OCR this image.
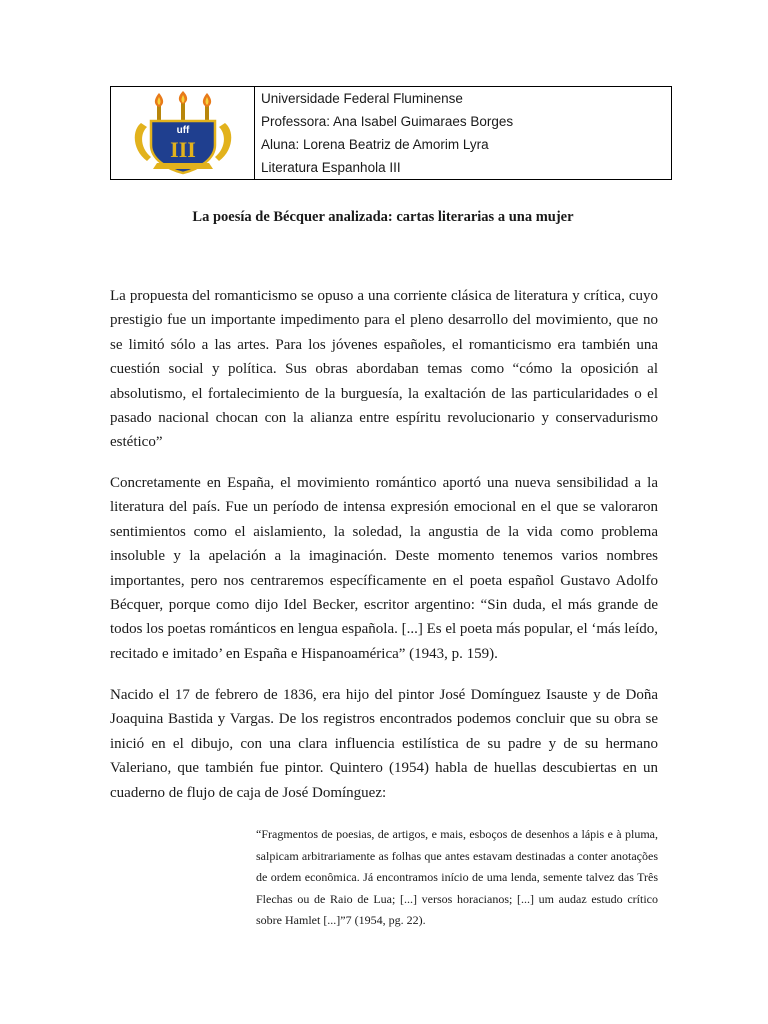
uff
III
Universidade Federal Fluminense
Professora: Ana Isabel Guimaraes Borges
Aluna: Lorena Beatriz de Amorim Lyra
Literatura Espanhola III
La poesía de Bécquer analizada: cartas literarias a una mujer

La propuesta del romanticismo se opuso a una corriente clásica de literatura y crítica, cuyo prestigio fue un importante impedimento para el pleno desarrollo del movimiento, que no se limitó sólo a las artes. Para los jóvenes españoles, el romanticismo era también una cuestión social y política. Sus obras abordaban temas como “cómo la oposición al absolutismo, el fortalecimiento de la burguesía, la exaltación de las particularidades o el pasado nacional chocan con la alianza entre espíritu revolucionario y conservadurismo estético”

Concretamente en España, el movimiento romántico aportó una nueva sensibilidad a la literatura del país. Fue un período de intensa expresión emocional en el que se valoraron sentimientos como el aislamiento, la soledad, la angustia de la vida como problema insoluble y la apelación a la imaginación. Deste momento tenemos varios nombres importantes, pero nos centraremos específicamente en el poeta español Gustavo Adolfo Bécquer, porque como dijo Idel Becker, escritor argentino: “Sin duda, el más grande de todos los poetas románticos en lengua española. [...] Es el poeta más popular, el ‘más leído, recitado e imitado’ en España e Hispanoamérica” (1943, p. 159).

Nacido el 17 de febrero de 1836, era hijo del pintor José Domínguez Isauste y de Doña Joaquina Bastida y Vargas. De los registros encontrados podemos concluir que su obra se inició en el dibujo, con una clara influencia estilística de su padre y de su hermano Valeriano, que también fue pintor. Quintero (1954) habla de huellas descubiertas en un cuaderno de flujo de caja de José Domínguez:

“Fragmentos de poesias, de artigos, e mais, esboços de desenhos a lápis e à pluma, salpicam arbitrariamente as folhas que antes estavam destinadas a conter anotações de ordem econômica. Já encontramos início de uma lenda, semente talvez das Três Flechas ou de Raio de Lua; [...] versos horacianos; [...] um audaz estudo crítico sobre Hamlet [...]”7 (1954, pg. 22).
